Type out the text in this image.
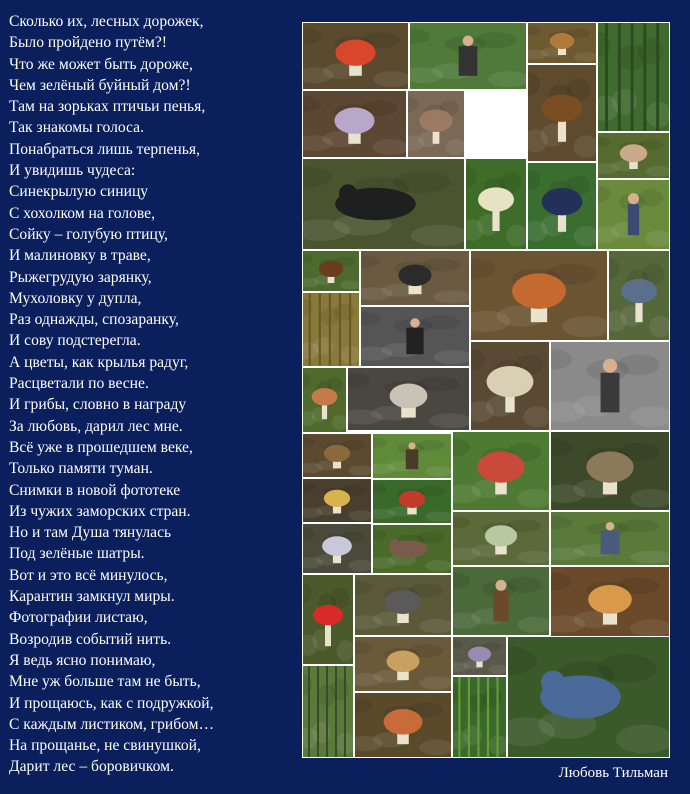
Сколько их, лесных дорожек,
Было пройдено путём?!
Что же может быть дороже,
Чем зелёный буйный дом?!
Там на зорьках птичьи пенья,
Так знакомы голоса.
Понабраться лишь терпенья,
И увидишь чудеса:
Синекрылую синицу
С хохолком на голове,
Сойку – голубую птицу,
И малиновку в траве,
Рыжегрудую зарянку,
Мухоловку у дупла,
Раз однажды, спозаранку,
И сову подстерегла.
А цветы, как крылья радуг,
Расцветали по весне.
И грибы, словно в награду
За любовь, дарил лес мне.
Всё уже в прошедшем веке,
Только памяти туман.
Снимки в новой фототеке
Из чужих заморских стран.
Но и там Душа тянулась
Под зелёные шатры.
Вот и это всё минулось,
Карантин замкнул миры.
Фотографии листаю,
Возродив событий нить.
Я ведь ясно понимаю,
Мне уж больше там не быть,
И прощаюсь, как с подружкой,
С каждым листиком, грибом…
На прощанье, не свинушкой,
Дарит лес – боровичком.	Любовь Тильман
